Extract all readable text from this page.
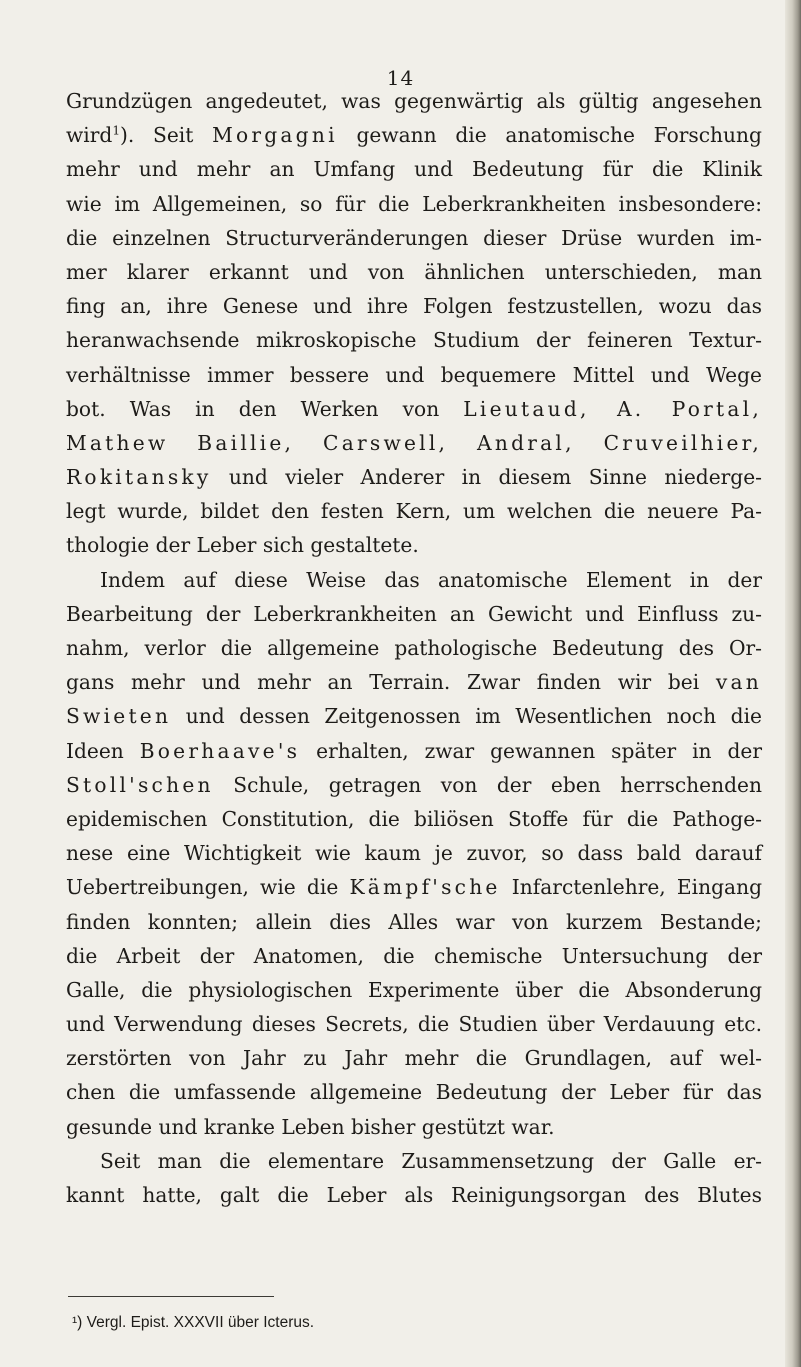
14
Grundzügen angedeutet, was gegenwärtig als gültig angesehen
wird$^1$). Seit Morgagni gewann die anatomische Forschung
mehr und mehr an Umfang und Bedeutung für die Klinik
wie im Allgemeinen, so für die Leberkrankheiten insbesondere:
die einzelnen Structurveränderungen dieser Drüse wurden im-
mer klarer erkannt und von ähnlichen unterschieden, man
fing an, ihre Genese und ihre Folgen festzustellen, wozu das
heranwachsende mikroskopische Studium der feineren Textur-
verhältnisse immer bessere und bequemere Mittel und Wege
bot. Was in den Werken von Lieutaud, A. Portal,
Mathew Baillie, Carswell, Andral, Cruveilhier,
Rokitansky und vieler Anderer in diesem Sinne niederge-
legt wurde, bildet den festen Kern, um welchen die neuere Pa-
thologie der Leber sich gestaltete.
Indem auf diese Weise das anatomische Element in der
Bearbeitung der Leberkrankheiten an Gewicht und Einfluss zu-
nahm, verlor die allgemeine pathologische Bedeutung des Or-
gans mehr und mehr an Terrain. Zwar finden wir bei van
Swieten und dessen Zeitgenossen im Wesentlichen noch die
Ideen Boerhaave's erhalten, zwar gewannen später in der
Stoll'schen Schule, getragen von der eben herrschenden
epidemischen Constitution, die biliösen Stoffe für die Pathoge-
nese eine Wichtigkeit wie kaum je zuvor, so dass bald darauf
Uebertreibungen, wie die Kämpf'sche Infarctenlehre, Eingang
finden konnten; allein dies Alles war von kurzem Bestande;
die Arbeit der Anatomen, die chemische Untersuchung der
Galle, die physiologischen Experimente über die Absonderung
und Verwendung dieses Secrets, die Studien über Verdauung etc.
zerstörten von Jahr zu Jahr mehr die Grundlagen, auf wel-
chen die umfassende allgemeine Bedeutung der Leber für das
gesunde und kranke Leben bisher gestützt war.
Seit man die elementare Zusammensetzung der Galle er-
kannt hatte, galt die Leber als Reinigungsorgan des Blutes
¹) Vergl. Epist. XXXVII über Icterus.
